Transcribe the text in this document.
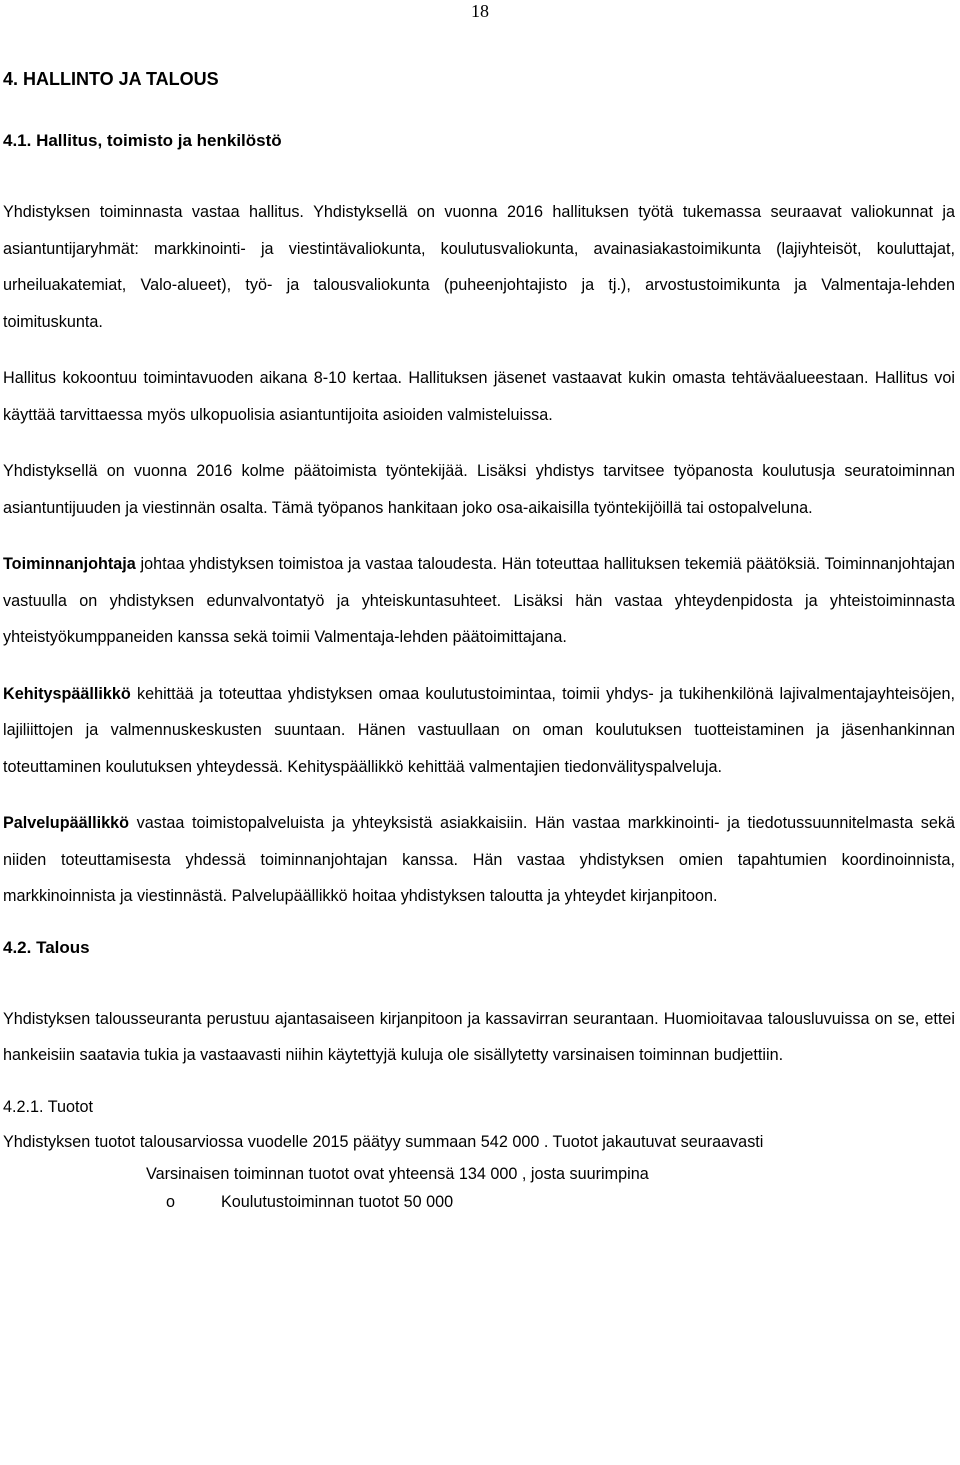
18
4. HALLINTO JA TALOUS
4.1. Hallitus, toimisto ja henkilöstö

Yhdistyksen toiminnasta vastaa hallitus. Yhdistyksellä on vuonna 2016 hallituksen työtä tukemassa seuraavat valiokunnat ja asiantuntijaryhmät: markkinointi- ja viestintävaliokunta, koulutusvaliokunta, avainasiakastoimikunta (lajiyhteisöt, kouluttajat, urheiluakatemiat, Valo-alueet), työ- ja talousvaliokunta (puheenjohtajisto ja tj.), arvostustoimikunta ja Valmentaja-lehden toimituskunta.

Hallitus kokoontuu toimintavuoden aikana 8-10 kertaa. Hallituksen jäsenet vastaavat kukin omasta tehtäväalueestaan. Hallitus voi käyttää tarvittaessa myös ulkopuolisia asiantuntijoita asioiden valmisteluissa.

Yhdistyksellä on vuonna 2016 kolme päätoimista työntekijää. Lisäksi yhdistys tarvitsee työpanosta koulutusja seuratoiminnan asiantuntijuuden ja viestinnän osalta. Tämä työpanos hankitaan joko osa-aikaisilla työntekijöillä tai ostopalveluna.

Toiminnanjohtaja johtaa yhdistyksen toimistoa ja vastaa taloudesta. Hän toteuttaa hallituksen tekemiä päätöksiä. Toiminnanjohtajan vastuulla on yhdistyksen edunvalvontatyö ja yhteiskuntasuhteet. Lisäksi hän vastaa yhteydenpidosta ja yhteistoiminnasta yhteistyökumppaneiden kanssa sekä toimii Valmentaja-lehden päätoimittajana.

Kehityspäällikkö kehittää ja toteuttaa yhdistyksen omaa koulutustoimintaa, toimii yhdys- ja tukihenkilönä lajivalmentajayhteisöjen, lajiliittojen ja valmennuskeskusten suuntaan. Hänen vastuullaan on oman koulutuksen tuotteistaminen ja jäsenhankinnan toteuttaminen koulutuksen yhteydessä. Kehityspäällikkö kehittää valmentajien tiedonvälityspalveluja.

Palvelupäällikkö vastaa toimistopalveluista ja yhteyksistä asiakkaisiin. Hän vastaa markkinointi- ja tiedotussuunnitelmasta sekä niiden toteuttamisesta yhdessä toiminnanjohtajan kanssa. Hän vastaa yhdistyksen omien tapahtumien koordinoinnista, markkinoinnista ja viestinnästä. Palvelupäällikkö hoitaa yhdistyksen taloutta ja yhteydet kirjanpitoon.

4.2. Talous

Yhdistyksen talousseuranta perustuu ajantasaiseen kirjanpitoon ja kassavirran seurantaan. Huomioitavaa talousluvuissa on se, ettei hankeisiin saatavia tukia ja vastaavasti niihin käytettyjä kuluja ole sisällytetty varsinaisen toiminnan budjettiin.

4.2.1. Tuotot

Yhdistyksen tuotot talousarviossa vuodelle 2015 päätyy summaan 542 000 . Tuotot jakautuvat seuraavasti

Varsinaisen toiminnan tuotot ovat yhteensä 134 000 , josta suurimpina

o	Koulutustoiminnan tuotot 50 000
